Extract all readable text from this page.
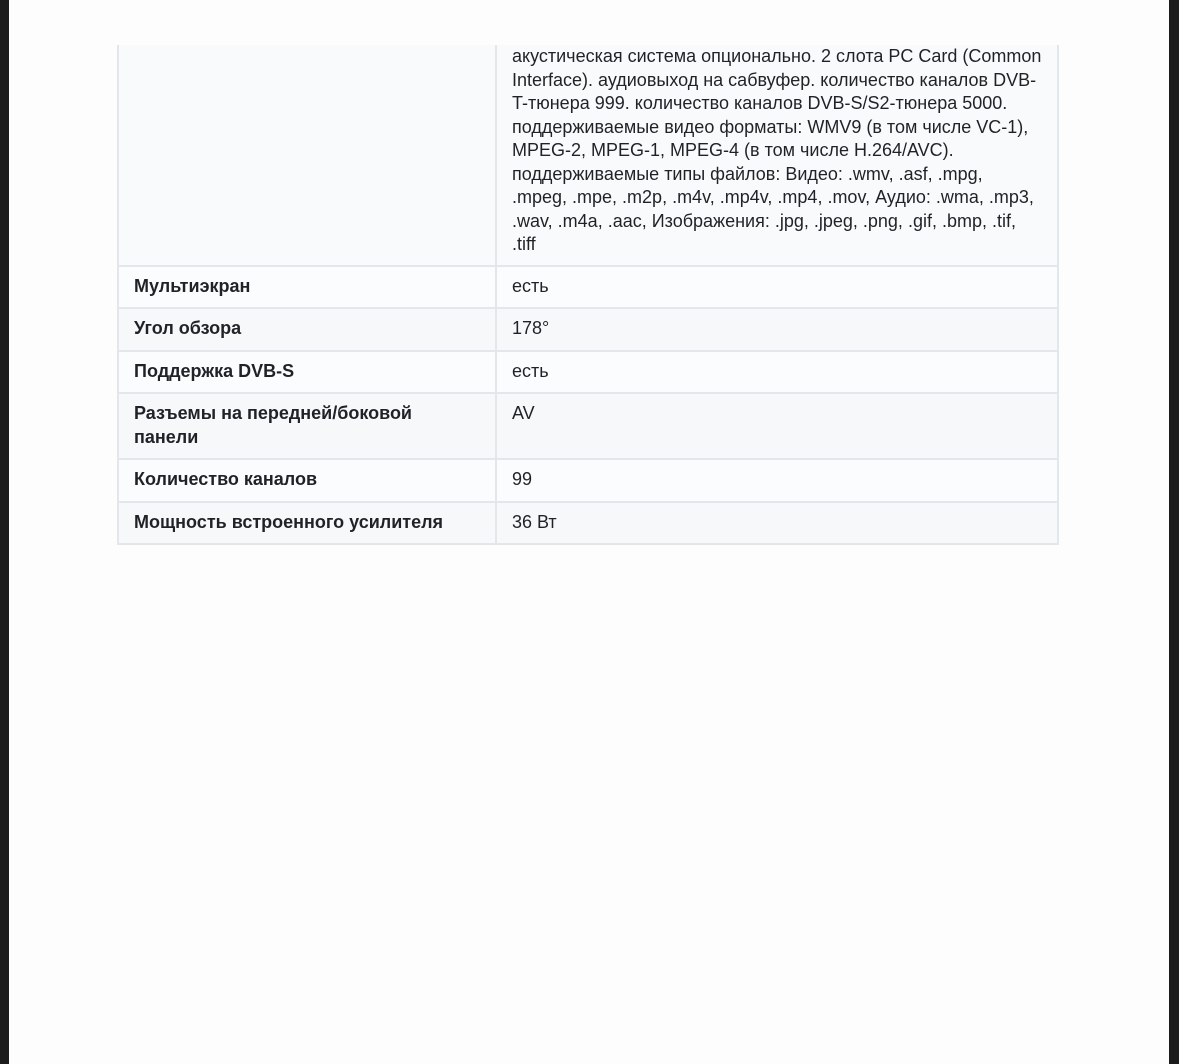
	акустическая система опционально. 2 слота PC Card (Common Interface). аудиовыход на сабвуфер. количество каналов DVB-T-тюнера 999. количество каналов DVB-S/S2-тюнера 5000. поддерживаемые видео форматы: WMV9 (в том числе VC-1), MPEG-2, MPEG-1, MPEG-4 (в том числе H.264/AVC). поддерживаемые типы файлов: Видео: .wmv, .asf, .mpg, .mpeg, .mpe, .m2p, .m4v, .mp4v, .mp4, .mov, Аудио: .wma, .mp3, .wav, .m4a, .aac, Изображения: .jpg, .jpeg, .png, .gif, .bmp, .tif, .tiff
Мультиэкран	есть
Угол обзора	178°
Поддержка DVB-S	есть
Разъемы на передней/боковой панели	AV
Количество каналов	99
Мощность встроенного усилителя	36 Вт
